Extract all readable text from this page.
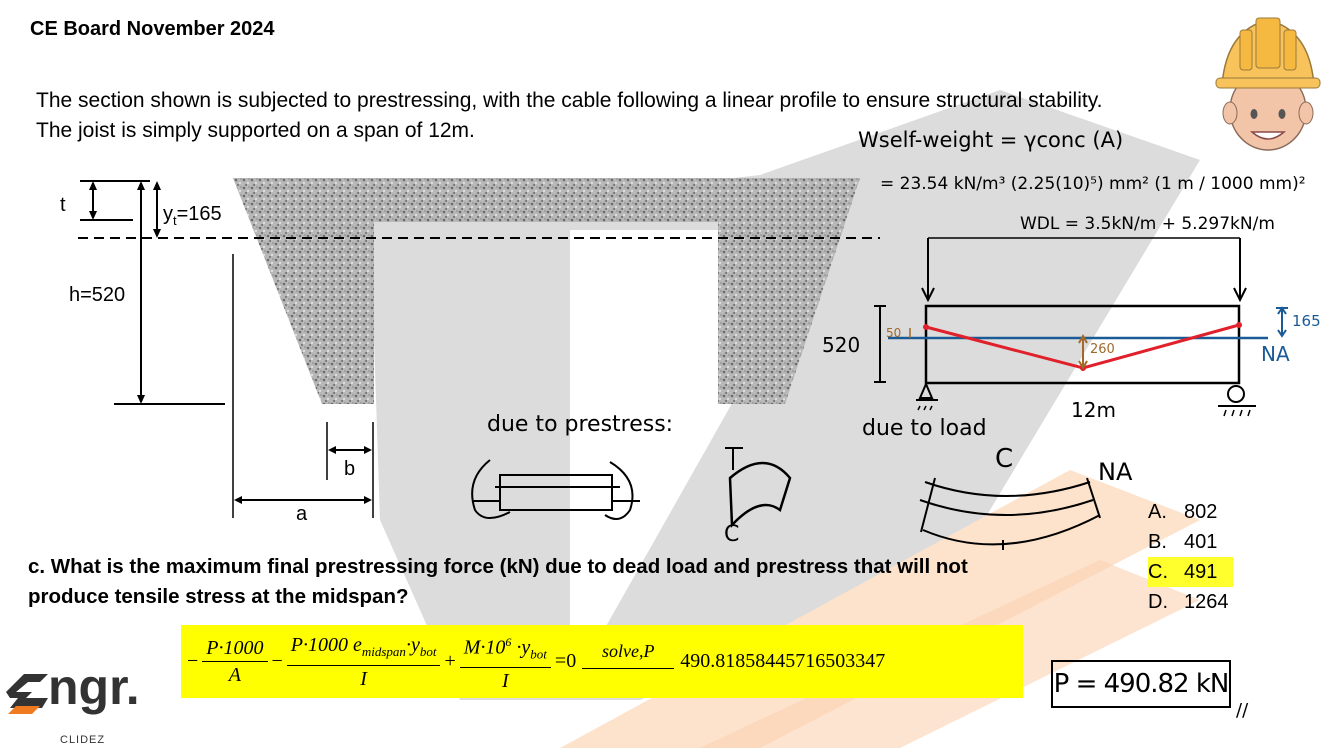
CE Board November 2024
The section shown is subjected to prestressing, with the cable following a linear profile to ensure structural stability.
The joist is simply supported on a span of 12m.
t	$y_t=165$
h=520
b
a
Wself-weight = γconc (A)
= 23.54 kN/m³ (2.25(10)⁵) mm² (1 m / 1000 mm)²
WDL = 3.5kN/m + 5.297kN/m
520 50
260
165
NA
12m
due to load
due to prestress:
C
C	NA
c. What is the maximum final prestressing force (kN) due to dead load and prestress that will not
produce tensile stress at the midspan?
A. 802
B. 401
C. 491
D. 1264
− $\frac{P\cdot 1000}{A} - \frac{P\cdot 1000 e_{midspan}\cdot y_{bot}}{I} + \frac{M\cdot 10^6 \cdot y_{bot}}{I} =0$ solve,P 490.81858445716503347
P = 490.82 kN
//
ngr.
CLIDEZ
